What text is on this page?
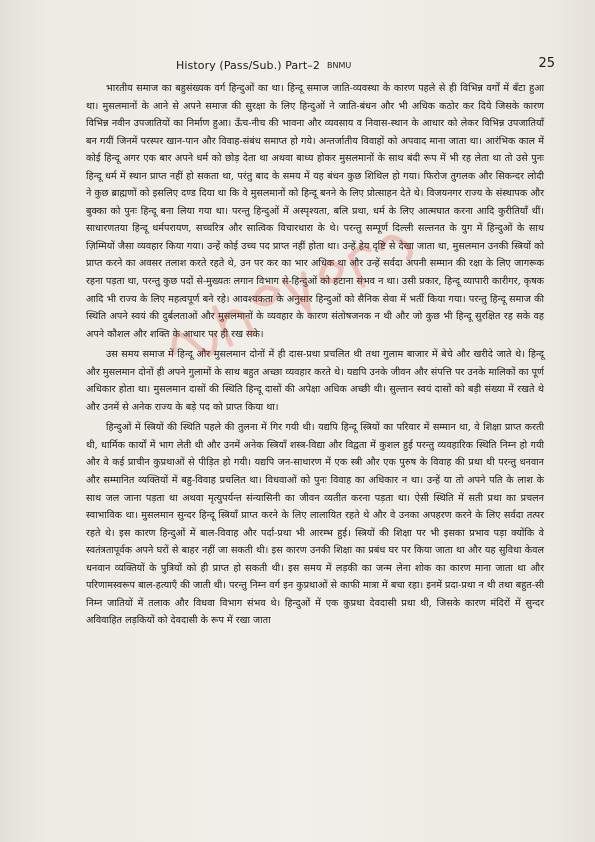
History (Pass/Sub.) Part–2 BNMU	25

भारतीय समाज का बहुसंख्यक वर्ग हिन्दुओं का था। हिन्दू समाज जाति-व्यवस्था के कारण पहले से ही विभिन्न वर्गों में बँटा हुआ था। मुसलमानों के आने से अपने समाज की सुरक्षा के लिए हिन्दुओं ने जाति-बंधन और भी अधिक कठोर कर दिये जिसके कारण विभिन्न नवीन उपजातियों का निर्माण हुआ। ऊँच-नीच की भावना और व्यवसाय व निवास-स्थान के आधार को लेकर विभिन्न उपजातियाँ बन गयीं जिनमें परस्पर खान-पान और विवाह-संबंध समाप्त हो गये। अन्तर्जातीय विवाहों को अपवाद माना जाता था। आरंभिक काल में कोई हिन्दू अगर एक बार अपने धर्म को छोड़ देता था अथवा बाध्य होकर मुसलमानों के साथ बंदी रूप में भी रह लेता था तो उसे पुनः हिन्दू धर्म में स्थान प्राप्त नहीं हो सकता था, परंतु बाद के समय में यह बंधन कुछ शिथिल हो गया। फिरोज तुगलक और सिकन्दर लोदी ने कुछ ब्राह्मणों को इसलिए दण्ड दिया था कि वे मुसलमानों को हिन्दू बनने के लिए प्रोत्साहन देते थे। विजयनगर राज्य के संस्थापक और बुक्का को पुनः हिन्दू बना लिया गया था। परन्तु हिन्दुओं में अस्पृश्यता, बलि प्रथा, धर्म के लिए आत्मघात करना आदि कुरीतियाँ थीं। साधारणतया हिन्दू धर्मपरायण, सच्चरित्र और सात्विक विचारधारा के थे। परन्तु सम्पूर्ण दिल्ली सल्तनत के युग में हिन्दुओं के साथ ज़िम्मियों जैसा व्यवहार किया गया। उन्हें कोई उच्च पद प्राप्त नहीं होता था। उन्हें हेय दृष्टि से देखा जाता था, मुसलमान उनकी स्त्रियों को प्राप्त करने का अवसर तलाश करते रहते थे, उन पर कर का भार अधिक था और उन्हें सर्वदा अपनी सम्मान की रक्षा के लिए जागरूक रहना पड़ता था, परन्तु कुछ पदों से-मुख्यतः लगान विभाग से-हिन्दुओं को हटाना संभव न था। उसी प्रकार, हिन्दू व्यापारी कारीगर, कृषक आदि भी राज्य के लिए महत्वपूर्ण बने रहे। आवश्यकता के अनुसार हिन्दुओं को सैनिक सेवा में भर्ती किया गया। परन्तु हिन्दू समाज की स्थिति अपने स्वयं की दुर्बलताओं और मुसलमानों के व्यवहार के कारण संतोषजनक न थी और जो कुछ भी हिन्दू सुरक्षित रह सके वह अपने कौशल और शक्ति के आधार पर ही रख सके।

उस समय समाज में हिन्दू और मुसलमान दोनों में ही दास-प्रथा प्रचलित थी तथा गुलाम बाजार में बेचे और खरीदे जाते थे। हिन्दू और मुसलमान दोनों ही अपने गुलामों के साथ बहुत अच्छा व्यवहार करते थे। यद्यपि उनके जीवन और संपत्ति पर उनके मालिकों का पूर्ण अधिकार होता था। मुसलमान दासों की स्थिति हिन्दू दासों की अपेक्षा अधिक अच्छी थी। सुल्तान स्वयं दासों को बड़ी संख्या में रखते थे और उनमें से अनेक राज्य के बड़े पद को प्राप्त किया था।

हिन्दुओं में स्त्रियों की स्थिति पहले की तुलना में गिर गयी थी। यद्यपि हिन्दू स्त्रियों का परिवार में सम्मान था, वे शिक्षा प्राप्त करती थी, धार्मिक कार्यों में भाग लेती थी और उनमें अनेक स्त्रियाँ शस्त्र-विद्या और विद्वता में कुशल हुई परन्तु व्यवहारिक स्थिति निम्न हो गयी और वे कई प्राचीन कुप्रथाओं से पीड़ित हो गयी। यद्यपि जन-साधारण में एक स्त्री और एक पुरुष के विवाह की प्रथा थी परन्तु धनवान और सम्मानित व्यक्तियों में बहु-विवाह प्रचलित था। विधवाओं को पुनः विवाह का अधिकार न था। उन्हें या तो अपने पति के लाश के साथ जल जाना पड़ता था अथवा मृत्युपर्यन्त संन्यासिनी का जीवन व्यतीत करना पड़ता था। ऐसी स्थिति में सती प्रथा का प्रचलन स्वाभाविक था। मुसलमान सुन्दर हिन्दू स्त्रियाँ प्राप्त करने के लिए लालायित रहते थे और वे उनका अपहरण करने के लिए सर्वदा तत्पर रहते थे। इस कारण हिन्दुओं में बाल-विवाह और पर्दा-प्रथा भी आरम्भ हुई। स्त्रियों की शिक्षा पर भी इसका प्रभाव पड़ा क्योंकि वे स्वतंत्रतापूर्वक अपने घरों से बाहर नहीं जा सकती थी। इस कारण उनकी शिक्षा का प्रबंध घर पर किया जाता था और यह सुविधा केवल धनवान व्यक्तियों के पुत्रियों को ही प्राप्त हो सकती थी। इस समय में लड़की का जन्म लेना शोक का कारण माना जाता था और परिणामस्वरूप बाल-हत्याएँ की जाती थी। परन्तु निम्न वर्ग इन कुप्रथाओं से काफी मात्रा में बचा रहा। इनमें प्रदा-प्रथा न थी तथा बहुत-सी निम्न जातियों में तलाक और विधवा विभाग संभव थे। हिन्दुओं में एक कुप्रथा देवदासी प्रथा थी, जिसके कारण मंदिरों में सुन्दर अविवाहित लड़कियों को देवदासी के रूप में रखा जाता
